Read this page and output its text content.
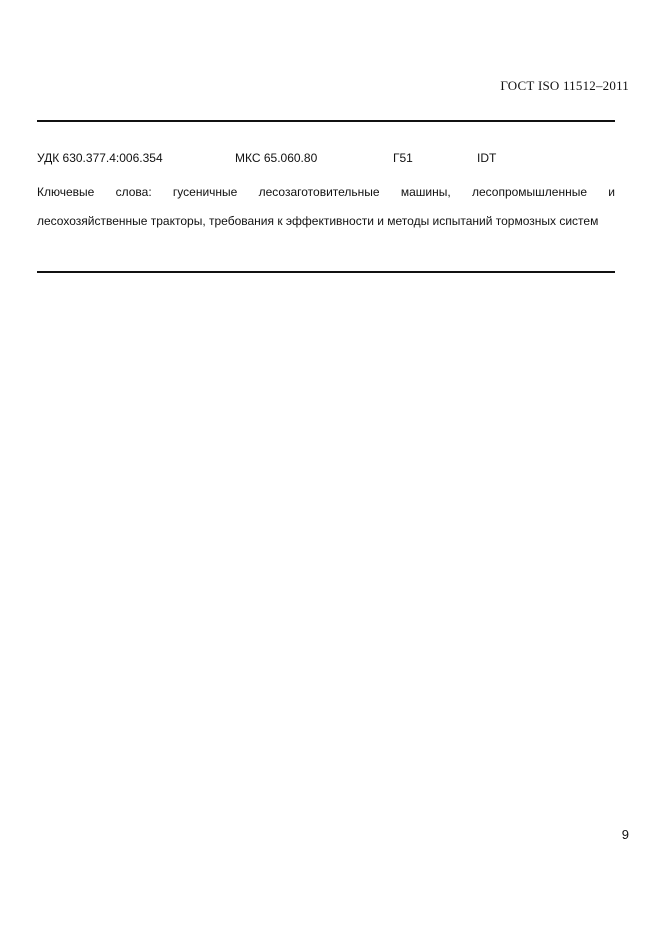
ГОСТ ISO 11512–2011
УДК 630.377.4:006.354	МКС 65.060.80	Г51	IDT

Ключевые слова: гусеничные лесозаготовительные машины, лесопромышленные и лесохозяйственные тракторы, требования к эффективности и методы испытаний тормозных систем

9
